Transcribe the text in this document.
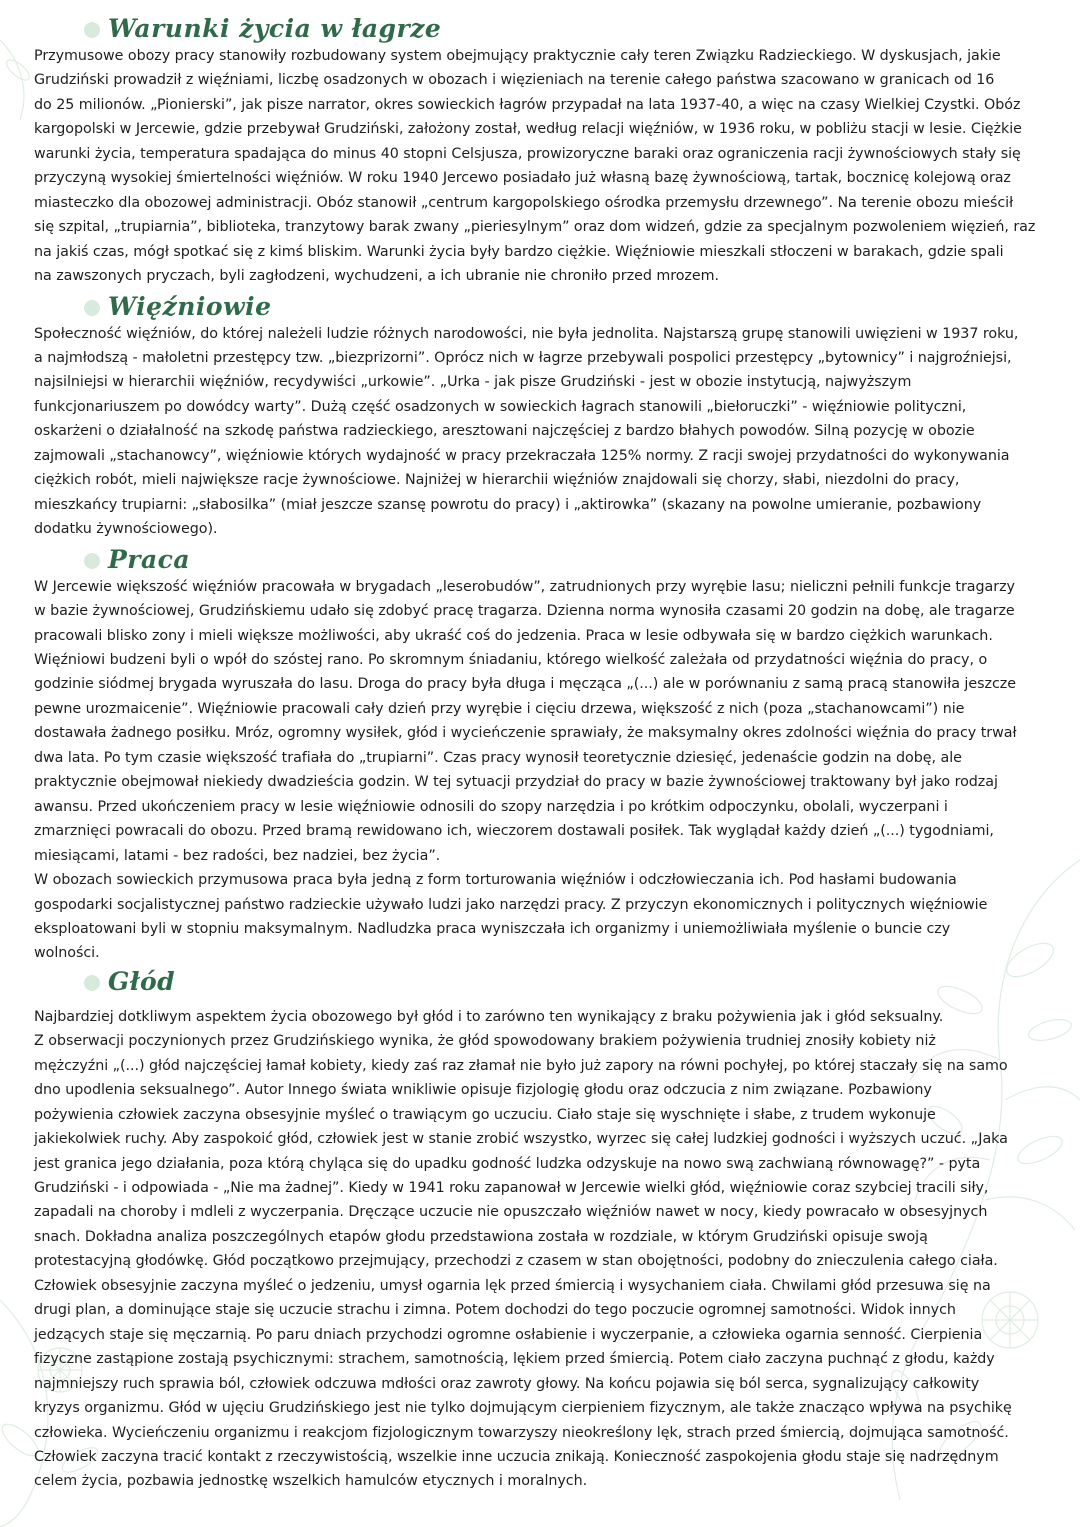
Warunki życia w łagrze

Przymusowe obozy pracy stanowiły rozbudowany system obejmujący praktycznie cały teren Związku Radzieckiego. W dyskusjach, jakie
Grudziński prowadził z więźniami, liczbę osadzonych w obozach i więzieniach na terenie całego państwa szacowano w granicach od 16
do 25 milionów. „Pionierski”, jak pisze narrator, okres sowieckich łagrów przypadał na lata 1937-40, a więc na czasy Wielkiej Czystki. Obóz
kargopolski w Jercewie, gdzie przebywał Grudziński, założony został, według relacji więźniów, w 1936 roku, w pobliżu stacji w lesie. Ciężkie
warunki życia, temperatura spadająca do minus 40 stopni Celsjusza, prowizoryczne baraki oraz ograniczenia racji żywnościowych stały się
przyczyną wysokiej śmiertelności więźniów. W roku 1940 Jercewo posiadało już własną bazę żywnościową, tartak, bocznicę kolejową oraz
miasteczko dla obozowej administracji. Obóz stanowił „centrum kargopolskiego ośrodka przemysłu drzewnego”. Na terenie obozu mieścił
się szpital, „trupiarnia”, biblioteka, tranzytowy barak zwany „pieriesylnym” oraz dom widzeń, gdzie za specjalnym pozwoleniem więzień, raz
na jakiś czas, mógł spotkać się z kimś bliskim. Warunki życia były bardzo ciężkie. Więźniowie mieszkali stłoczeni w barakach, gdzie spali
na zawszonych pryczach, byli zagłodzeni, wychudzeni, a ich ubranie nie chroniło przed mrozem.

Więźniowie

Społeczność więźniów, do której należeli ludzie różnych narodowości, nie była jednolita. Najstarszą grupę stanowili uwięzieni w 1937 roku,
a najmłodszą - małoletni przestępcy tzw. „biezprizorni”. Oprócz nich w łagrze przebywali pospolici przestępcy „bytownicy” i najgroźniejsi,
najsilniejsi w hierarchii więźniów, recydywiści „urkowie”. „Urka - jak pisze Grudziński - jest w obozie instytucją, najwyższym
funkcjonariuszem po dowódcy warty”. Dużą część osadzonych w sowieckich łagrach stanowili „biełoruczki” - więźniowie polityczni,
oskarżeni o działalność na szkodę państwa radzieckiego, aresztowani najczęściej z bardzo błahych powodów. Silną pozycję w obozie
zajmowali „stachanowcy”, więźniowie których wydajność w pracy przekraczała 125% normy. Z racji swojej przydatności do wykonywania
ciężkich robót, mieli największe racje żywnościowe. Najniżej w hierarchii więźniów znajdowali się chorzy, słabi, niezdolni do pracy,
mieszkańcy trupiarni: „słabosilka” (miał jeszcze szansę powrotu do pracy) i „aktirowka” (skazany na powolne umieranie, pozbawiony
dodatku żywnościowego).

Praca

W Jercewie większość więźniów pracowała w brygadach „leserobudów”, zatrudnionych przy wyrębie lasu; nieliczni pełnili funkcje tragarzy
w bazie żywnościowej, Grudzińskiemu udało się zdobyć pracę tragarza. Dzienna norma wynosiła czasami 20 godzin na dobę, ale tragarze
pracowali blisko zony i mieli większe możliwości, aby ukraść coś do jedzenia. Praca w lesie odbywała się w bardzo ciężkich warunkach.
Więźniowi budzeni byli o wpół do szóstej rano. Po skromnym śniadaniu, którego wielkość zależała od przydatności więźnia do pracy, o
godzinie siódmej brygada wyruszała do lasu. Droga do pracy była długa i męcząca „(...) ale w porównaniu z samą pracą stanowiła jeszcze
pewne urozmaicenie”. Więźniowie pracowali cały dzień przy wyrębie i cięciu drzewa, większość z nich (poza „stachanowcami”) nie
dostawała żadnego posiłku. Mróz, ogromny wysiłek, głód i wycieńczenie sprawiały, że maksymalny okres zdolności więźnia do pracy trwał
dwa lata. Po tym czasie większość trafiała do „trupiarni”. Czas pracy wynosił teoretycznie dziesięć, jedenaście godzin na dobę, ale
praktycznie obejmował niekiedy dwadzieścia godzin. W tej sytuacji przydział do pracy w bazie żywnościowej traktowany był jako rodzaj
awansu. Przed ukończeniem pracy w lesie więźniowie odnosili do szopy narzędzia i po krótkim odpoczynku, obolali, wyczerpani i
zmarznięci powracali do obozu. Przed bramą rewidowano ich, wieczorem dostawali posiłek. Tak wyglądał każdy dzień „(...) tygodniami,
miesiącami, latami - bez radości, bez nadziei, bez życia”.
W obozach sowieckich przymusowa praca była jedną z form torturowania więźniów i odczłowieczania ich. Pod hasłami budowania
gospodarki socjalistycznej państwo radzieckie używało ludzi jako narzędzi pracy. Z przyczyn ekonomicznych i politycznych więźniowie
eksploatowani byli w stopniu maksymalnym. Nadludzka praca wyniszczała ich organizmy i uniemożliwiała myślenie o buncie czy
wolności.

Głód

Najbardziej dotkliwym aspektem życia obozowego był głód i to zarówno ten wynikający z braku pożywienia jak i głód seksualny.
Z obserwacji poczynionych przez Grudzińskiego wynika, że głód spowodowany brakiem pożywienia trudniej znosiły kobiety niż
mężczyźni „(...) głód najczęściej łamał kobiety, kiedy zaś raz złamał nie było już zapory na równi pochyłej, po której staczały się na samo
dno upodlenia seksualnego”. Autor Innego świata wnikliwie opisuje fizjologię głodu oraz odczucia z nim związane. Pozbawiony
pożywienia człowiek zaczyna obsesyjnie myśleć o trawiącym go uczuciu. Ciało staje się wyschnięte i słabe, z trudem wykonuje
jakiekolwiek ruchy. Aby zaspokoić głód, człowiek jest w stanie zrobić wszystko, wyrzec się całej ludzkiej godności i wyższych uczuć. „Jaka
jest granica jego działania, poza którą chyląca się do upadku godność ludzka odzyskuje na nowo swą zachwianą równowagę?” - pyta
Grudziński - i odpowiada - „Nie ma żadnej”. Kiedy w 1941 roku zapanował w Jercewie wielki głód, więźniowie coraz szybciej tracili siły,
zapadali na choroby i mdleli z wyczerpania. Dręczące uczucie nie opuszczało więźniów nawet w nocy, kiedy powracało w obsesyjnych
snach. Dokładna analiza poszczególnych etapów głodu przedstawiona została w rozdziale, w którym Grudziński opisuje swoją
protestacyjną głodówkę. Głód początkowo przejmujący, przechodzi z czasem w stan obojętności, podobny do znieczulenia całego ciała.
Człowiek obsesyjnie zaczyna myśleć o jedzeniu, umysł ogarnia lęk przed śmiercią i wysychaniem ciała. Chwilami głód przesuwa się na
drugi plan, a dominujące staje się uczucie strachu i zimna. Potem dochodzi do tego poczucie ogromnej samotności. Widok innych
jedzących staje się męczarnią. Po paru dniach przychodzi ogromne osłabienie i wyczerpanie, a człowieka ogarnia senność. Cierpienia
fizyczne zastąpione zostają psychicznymi: strachem, samotnością, lękiem przed śmiercią. Potem ciało zaczyna puchnąć z głodu, każdy
najmniejszy ruch sprawia ból, człowiek odczuwa mdłości oraz zawroty głowy. Na końcu pojawia się ból serca, sygnalizujący całkowity
kryzys organizmu. Głód w ujęciu Grudzińskiego jest nie tylko dojmującym cierpieniem fizycznym, ale także znacząco wpływa na psychikę
człowieka. Wycieńczeniu organizmu i reakcjom fizjologicznym towarzyszy nieokreślony lęk, strach przed śmiercią, dojmująca samotność.
Człowiek zaczyna tracić kontakt z rzeczywistością, wszelkie inne uczucia znikają. Konieczność zaspokojenia głodu staje się nadrzędnym
celem życia, pozbawia jednostkę wszelkich hamulców etycznych i moralnych.
